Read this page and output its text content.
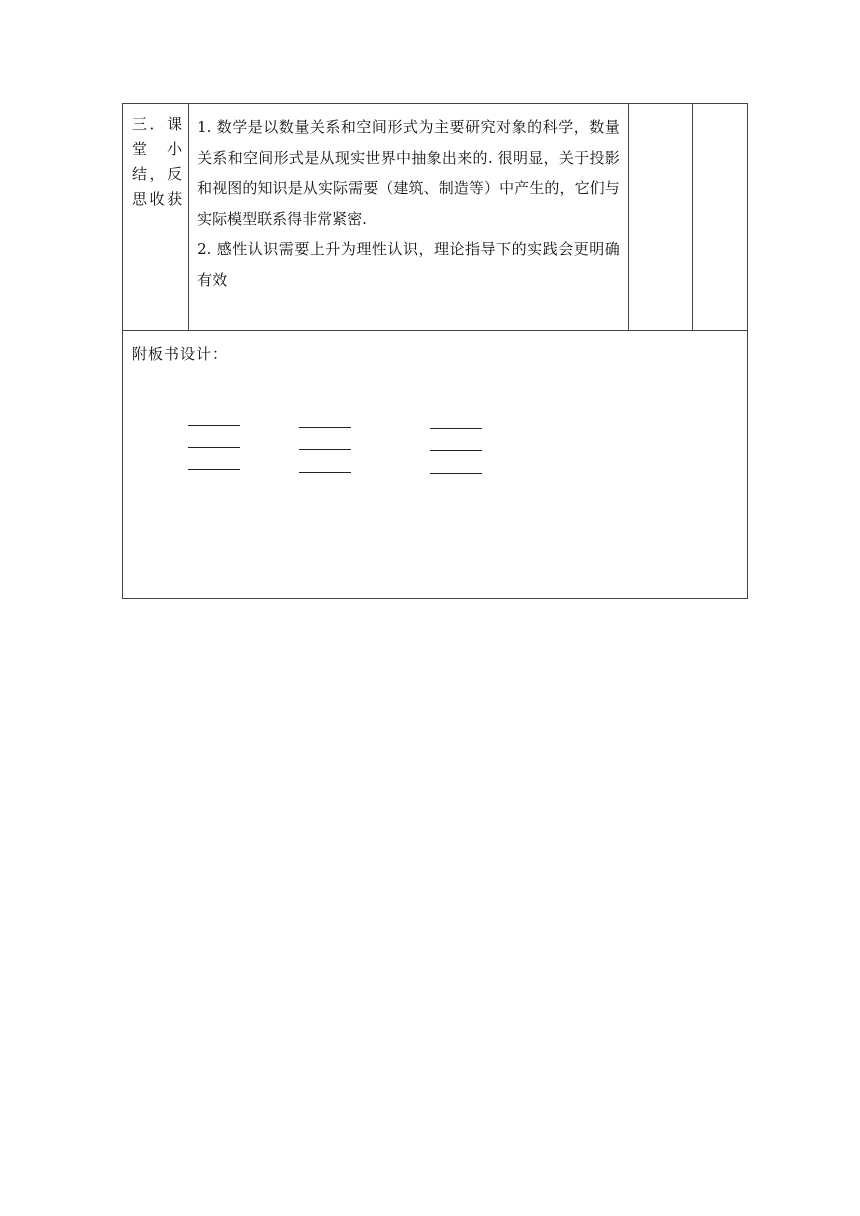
三．课
堂 小
结，反
思收获

1. 数学是以数量关系和空间形式为主要研究对象的科学，数量关系和空间形式是从现实世界中抽象出来的. 很明显，关于投影和视图的知识是从实际需要（建筑、制造等）中产生的，它们与实际模型联系得非常紧密.

2. 感性认识需要上升为理性认识，理论指导下的实践会更明确有效

附板书设计：
